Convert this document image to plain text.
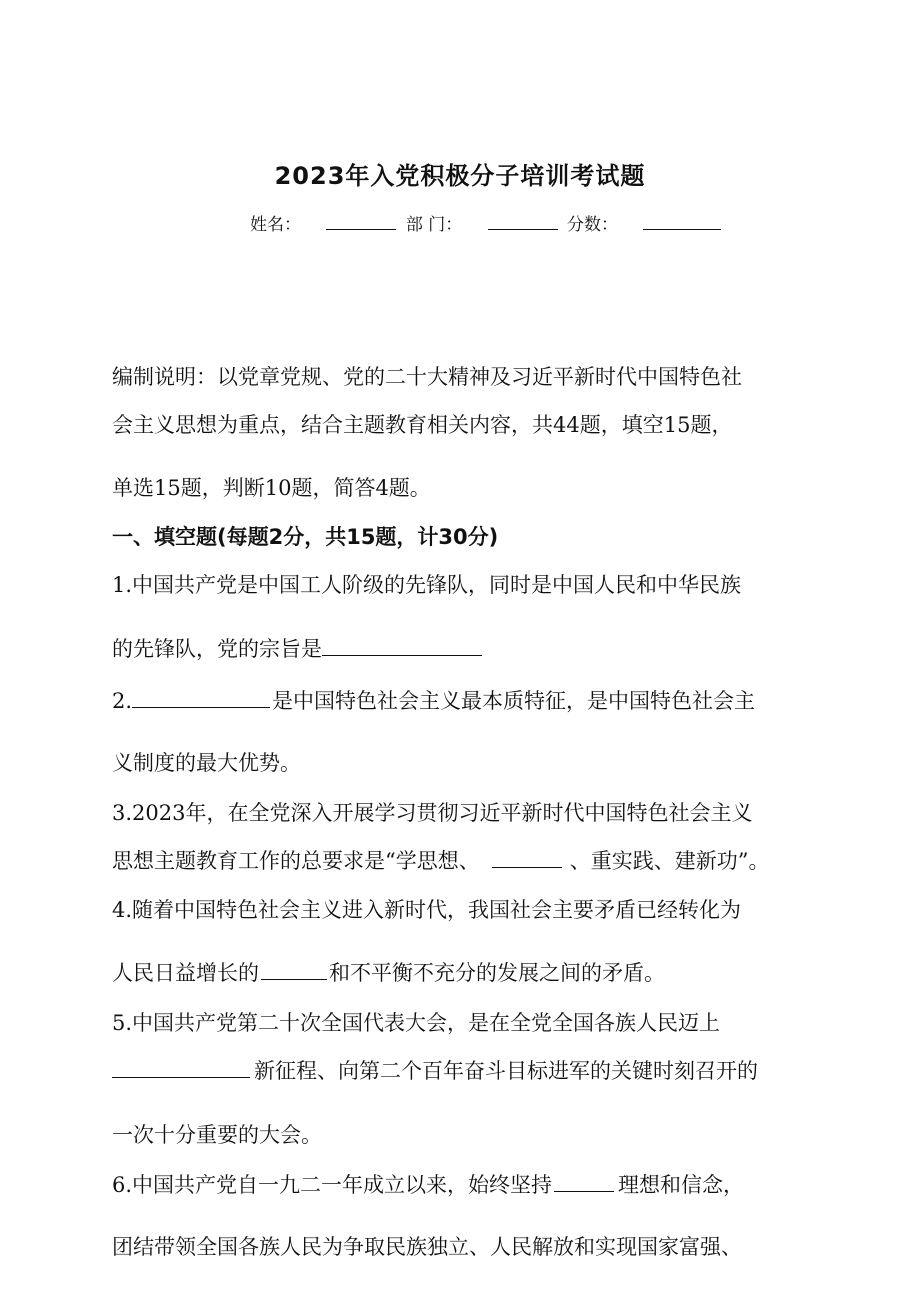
2023年入党积极分子培训考试题
姓名：	部 门：	分数：
编制说明：以党章党规、党的二十大精神及习近平新时代中国特色社
会主义思想为重点，结合主题教育相关内容，共44题，填空15题，
单选15题，判断10题，简答4题。
一、填空题(每题2分，共15题，计30分)
1.中国共产党是中国工人阶级的先锋队，同时是中国人民和中华民族
的先锋队，党的宗旨是
2.	是中国特色社会主义最本质特征，是中国特色社会主
义制度的最大优势。
3.2023年，在全党深入开展学习贯彻习近平新时代中国特色社会主义
思想主题教育工作的总要求是“学思想、	、重实践、建新功”。
4.随着中国特色社会主义进入新时代，我国社会主要矛盾已经转化为
人民日益增长的	和不平衡不充分的发展之间的矛盾。
5.中国共产党第二十次全国代表大会，是在全党全国各族人民迈上
新征程、向第二个百年奋斗目标进军的关键时刻召开的
一次十分重要的大会。
6.中国共产党自一九二一年成立以来，始终坚持	理想和信念，
团结带领全国各族人民为争取民族独立、人民解放和实现国家富强、
